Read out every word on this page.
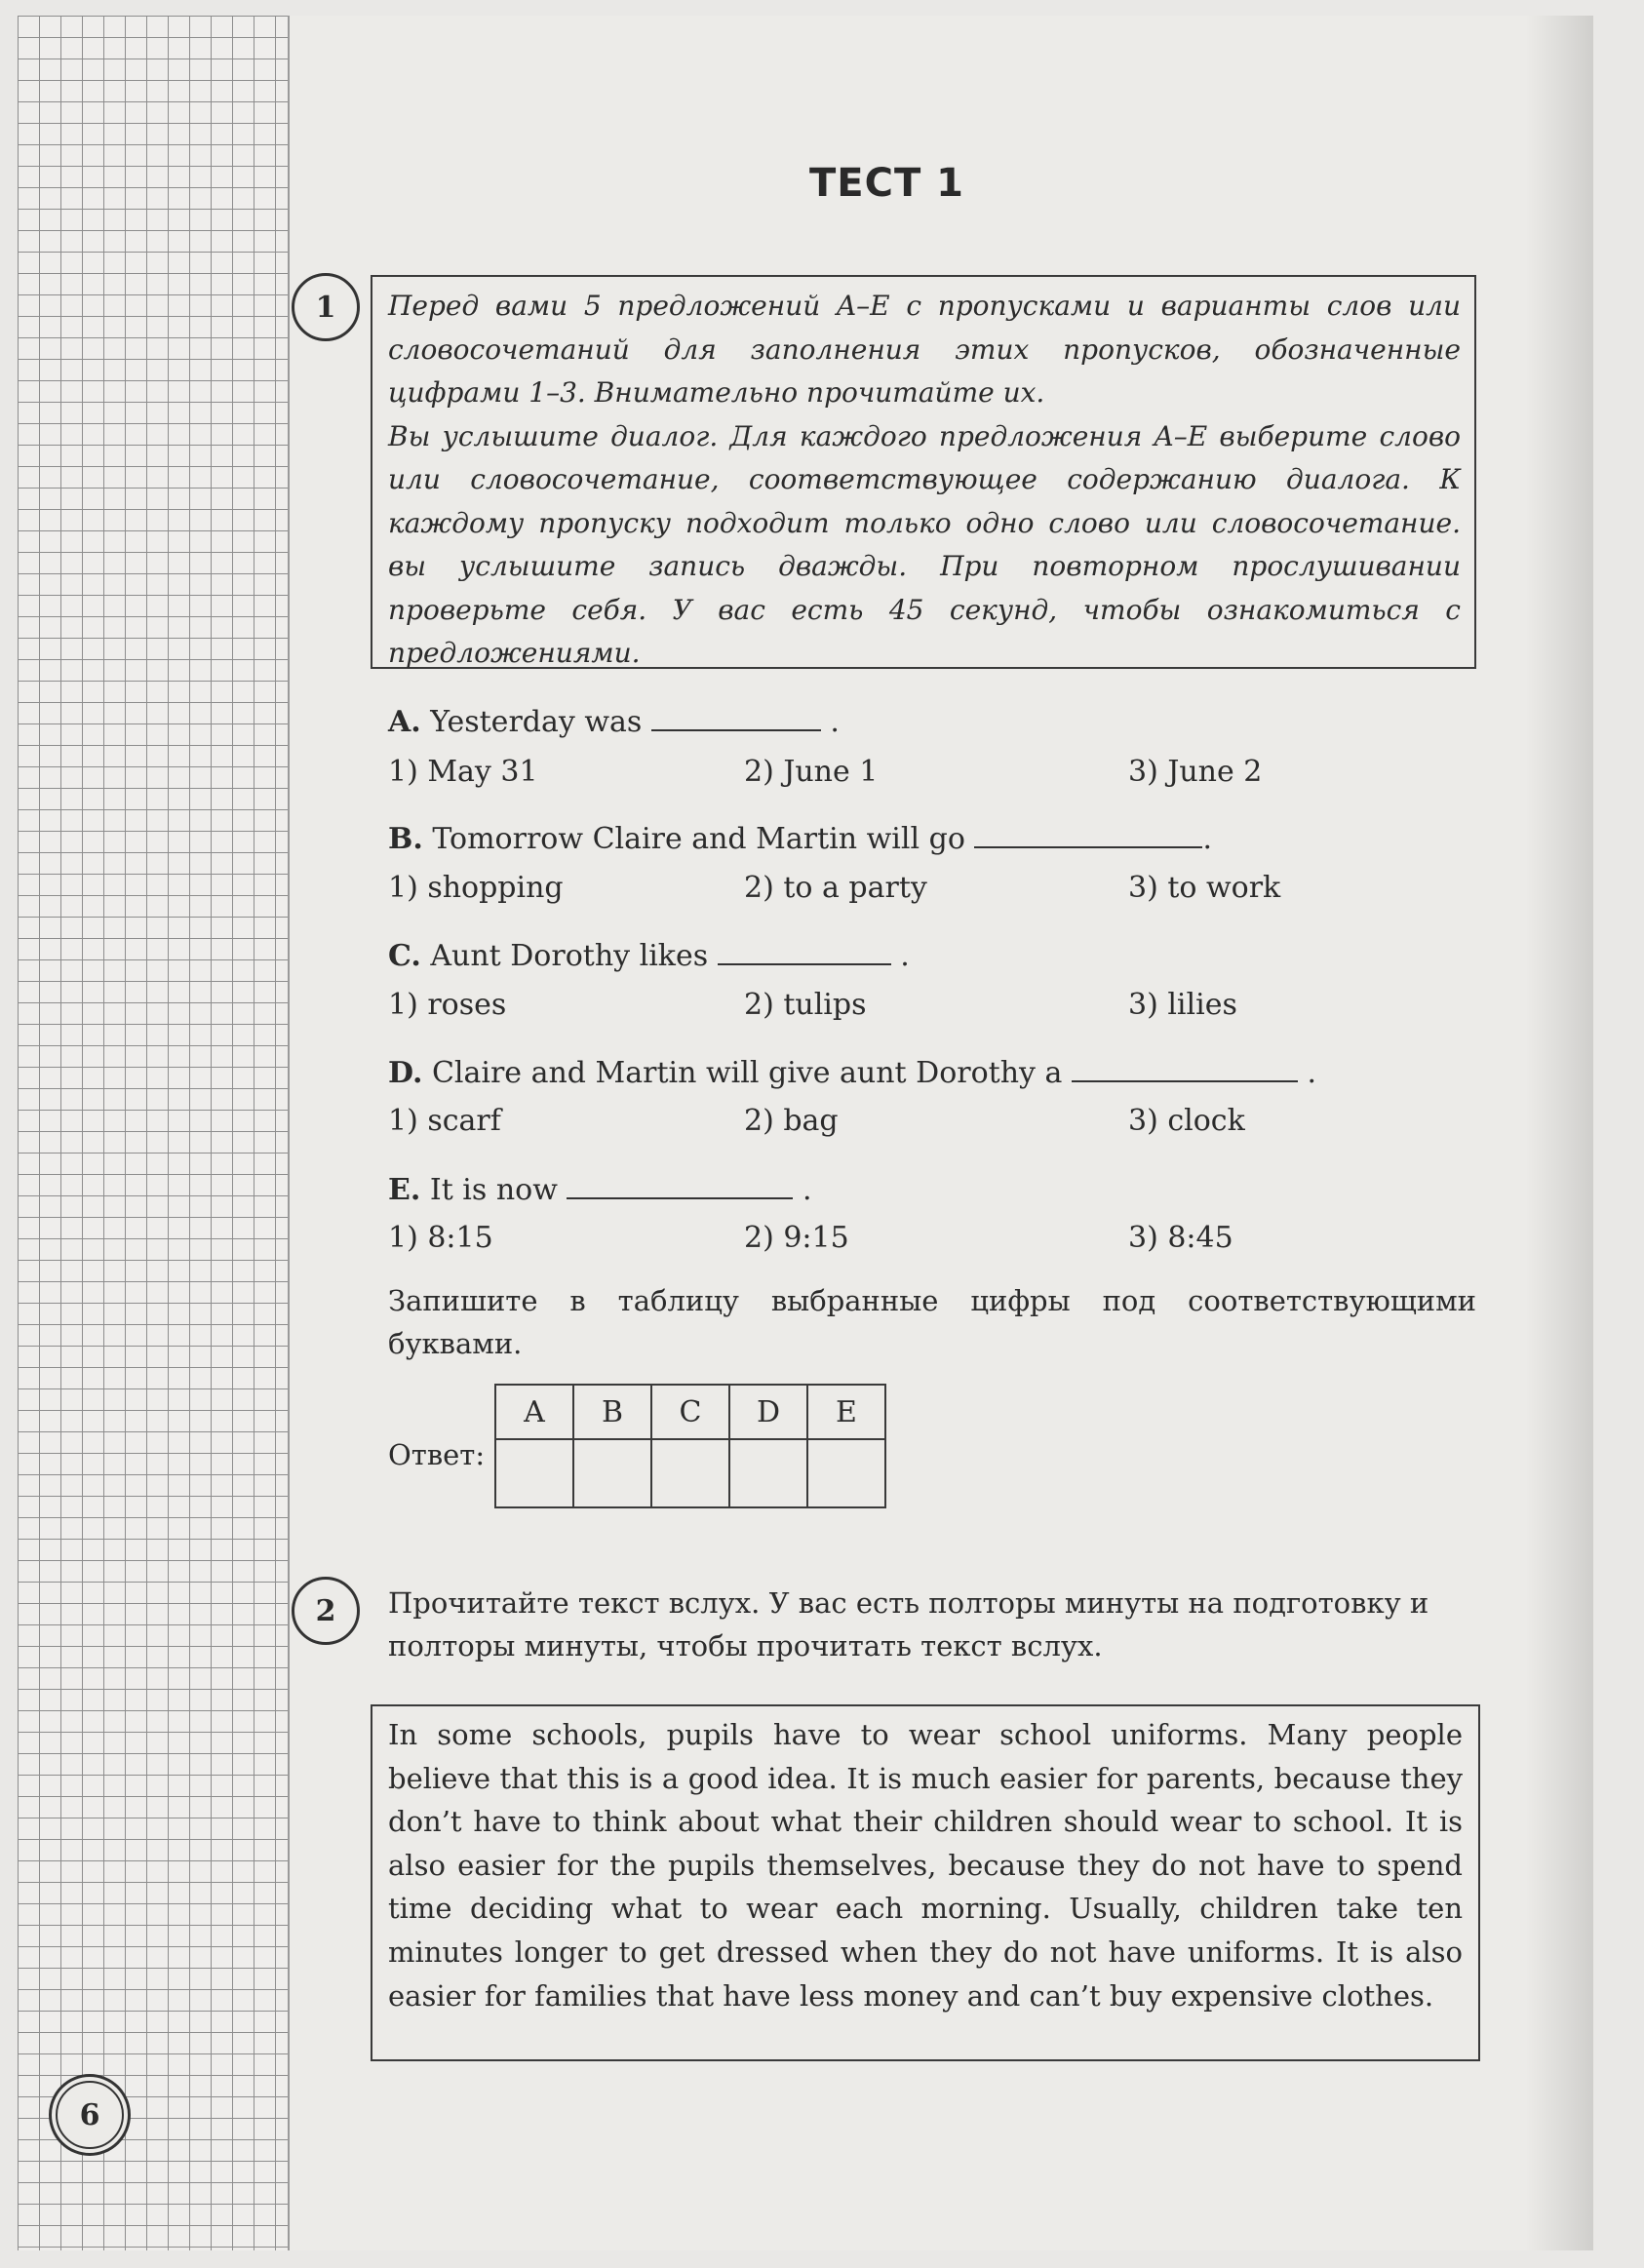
ТЕСТ 1
1	Перед вами 5 предложений A–E с пропусками и варианты слов или словосочетаний для заполнения этих пропусков, обозначенные цифрами 1–3. Внимательно прочитайте их.

Вы услышите диалог. Для каждого предложения A–E выберите слово или словосочетание, соответствующее содержанию диалога. К каждому пропуску подходит только одно слово или словосочетание. вы услышите запись дважды. При повторном прослушивании проверьте себя. У вас есть 45 секунд, чтобы ознакомиться с предложениями.

A. Yesterday was	.
1) May 31	2) June 1	3) June 2
B. Tomorrow Claire and Martin will go	.
1) shopping	2) to a party	3) to work
C. Aunt Dorothy likes	.
1) roses	2) tulips	3) lilies
D. Claire and Martin will give aunt Dorothy a	.
1) scarf	2) bag	3) clock
E. It is now	.
1) 8:15	2) 9:15	3) 8:45
Запишите в таблицу выбранные цифры под соответствующими буквами.
Ответ:
A	B	C	D	E

2	Прочитайте текст вслух. У вас есть полторы минуты на подготовку и полторы минуты, чтобы прочитать текст вслух.
In some schools, pupils have to wear school uniforms. Many people believe that this is a good idea. It is much easier for parents, because they don’t have to think about what their children should wear to school. It is also easier for the pupils themselves, because they do not have to spend time deciding what to wear each morning. Usually, children take ten minutes longer to get dressed when they do not have uniforms. It is also easier for families that have less money and can’t buy expensive clothes.
6
